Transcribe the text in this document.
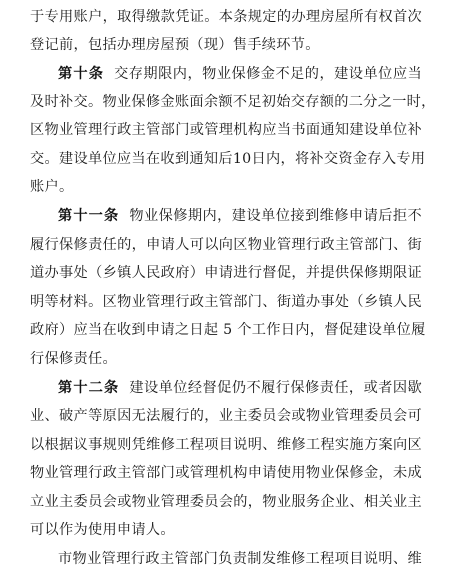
于专用账户，取得缴款凭证。本条规定的办理房屋所有权首次
登记前，包括办理房屋预（现）售手续环节。
第十条 交存期限内，物业保修金不足的，建设单位应当
及时补交。物业保修金账面余额不足初始交存额的二分之一时，
区物业管理行政主管部门或管理机构应当书面通知建设单位补
交。建设单位应当在收到通知后10日内，将补交资金存入专用
账户。
第十一条 物业保修期内，建设单位接到维修申请后拒不
履行保修责任的，申请人可以向区物业管理行政主管部门、街
道办事处（乡镇人民政府）申请进行督促，并提供保修期限证
明等材料。区物业管理行政主管部门、街道办事处（乡镇人民
政府）应当在收到申请之日起 5 个工作日内，督促建设单位履
行保修责任。
第十二条 建设单位经督促仍不履行保修责任，或者因歇
业、破产等原因无法履行的，业主委员会或物业管理委员会可
以根据议事规则凭维修工程项目说明、维修工程实施方案向区
物业管理行政主管部门或管理机构申请使用物业保修金，未成
立业主委员会或物业管理委员会的，物业服务企业、相关业主
可以作为使用申请人。
市物业管理行政主管部门负责制发维修工程项目说明、维
